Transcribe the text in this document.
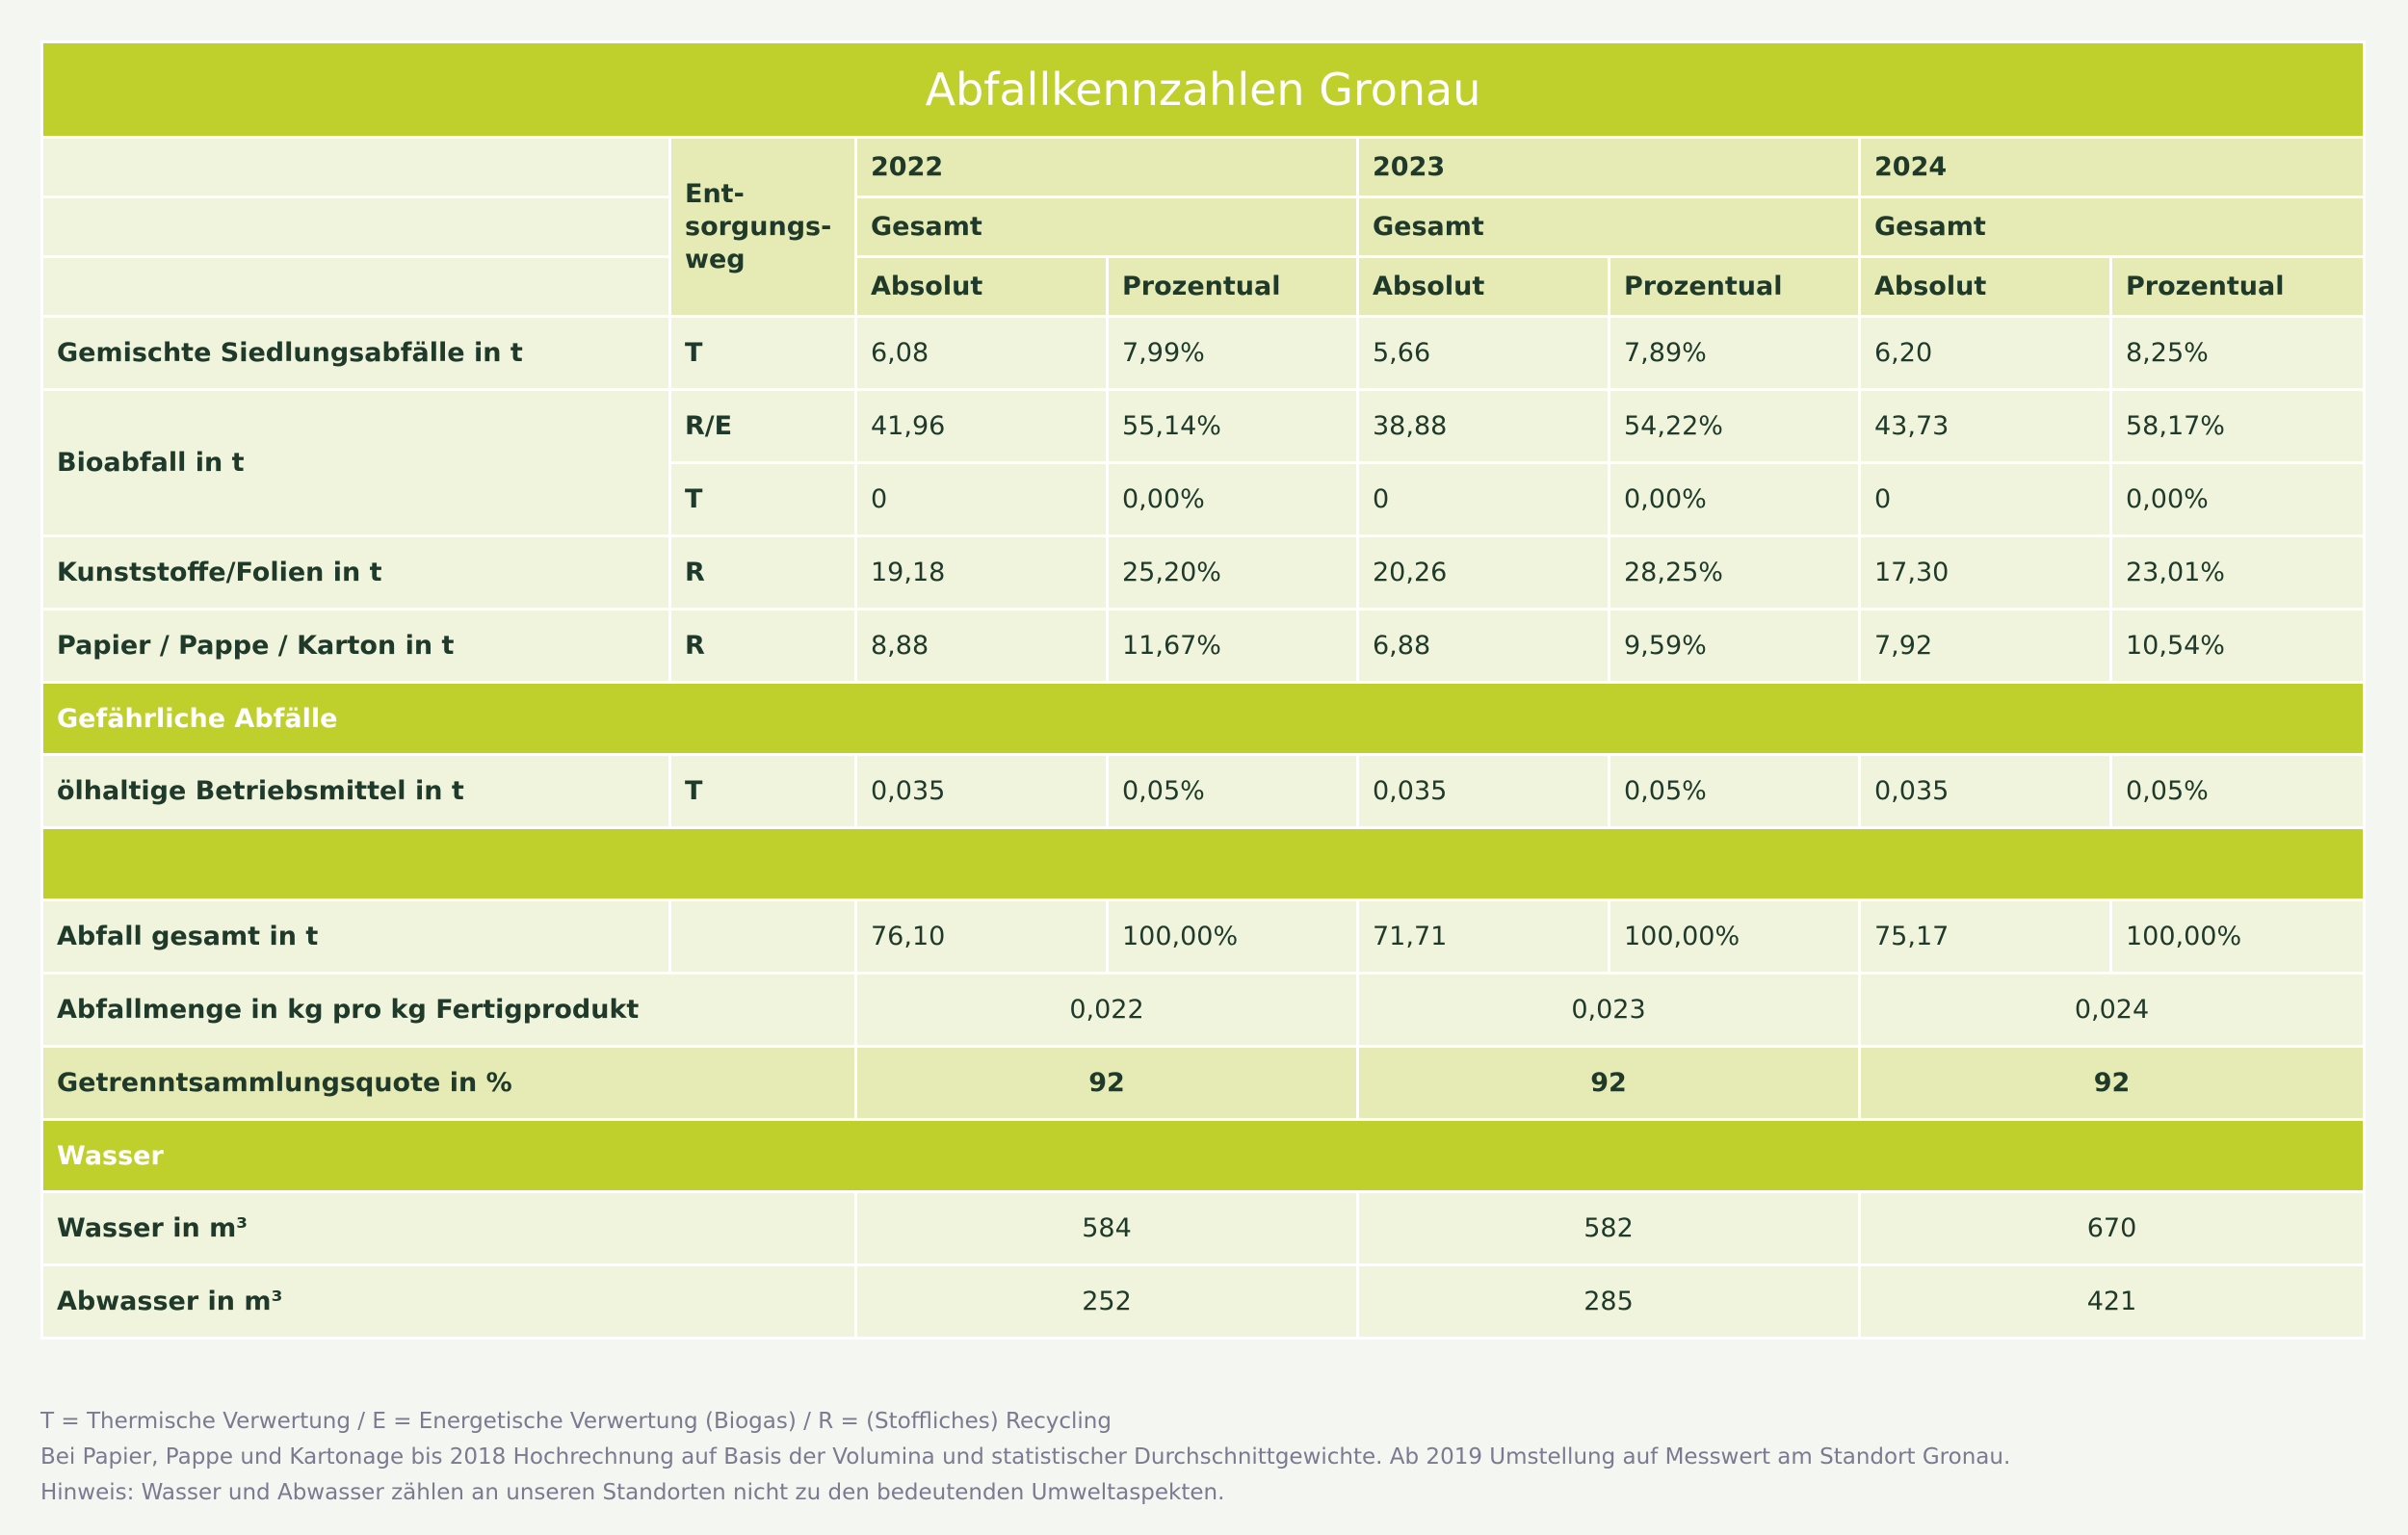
Abfallkennzahlen Gronau							
	Ent-
sorgungs-
weg	2022		2023		2024	
		Gesamt		Gesamt		Gesamt	
		Absolut	Prozentual	Absolut	Prozentual	Absolut	Prozentual
Gemischte Siedlungsabfälle in t	T	6,08	7,99%	5,66	7,89%	6,20	8,25%
Bioabfall in t	R/E	41,96	55,14%	38,88	54,22%	43,73	58,17%
	T	0	0,00%	0	0,00%	0	0,00%
Kunststoffe/Folien in t	R	19,18	25,20%	20,26	28,25%	17,30	23,01%
Papier / Pappe / Karton in t	R	8,88	11,67%	6,88	9,59%	7,92	10,54%
Gefährliche Abfälle							
ölhaltige Betriebsmittel in t	T	0,035	0,05%	0,035	0,05%	0,035	0,05%

Abfall gesamt in t		76,10	100,00%	71,71	100,00%	75,17	100,00%
Abfallmenge in kg pro kg Fertigprodukt		0,022		0,023		0,024	
Getrenntsammlungsquote in %		92		92		92	
Wasser							
Wasser in m³		584		582		670	
Abwasser in m³		252		285		421	
T = Thermische Verwertung / E = Energetische Verwertung (Biogas) / R = (Stoffliches) Recycling
Bei Papier, Pappe und Kartonage bis 2018 Hochrechnung auf Basis der Volumina und statistischer Durchschnittgewichte. Ab 2019 Umstellung auf Messwert am Standort Gronau.
Hinweis: Wasser und Abwasser zählen an unseren Standorten nicht zu den bedeutenden Umweltaspekten.
